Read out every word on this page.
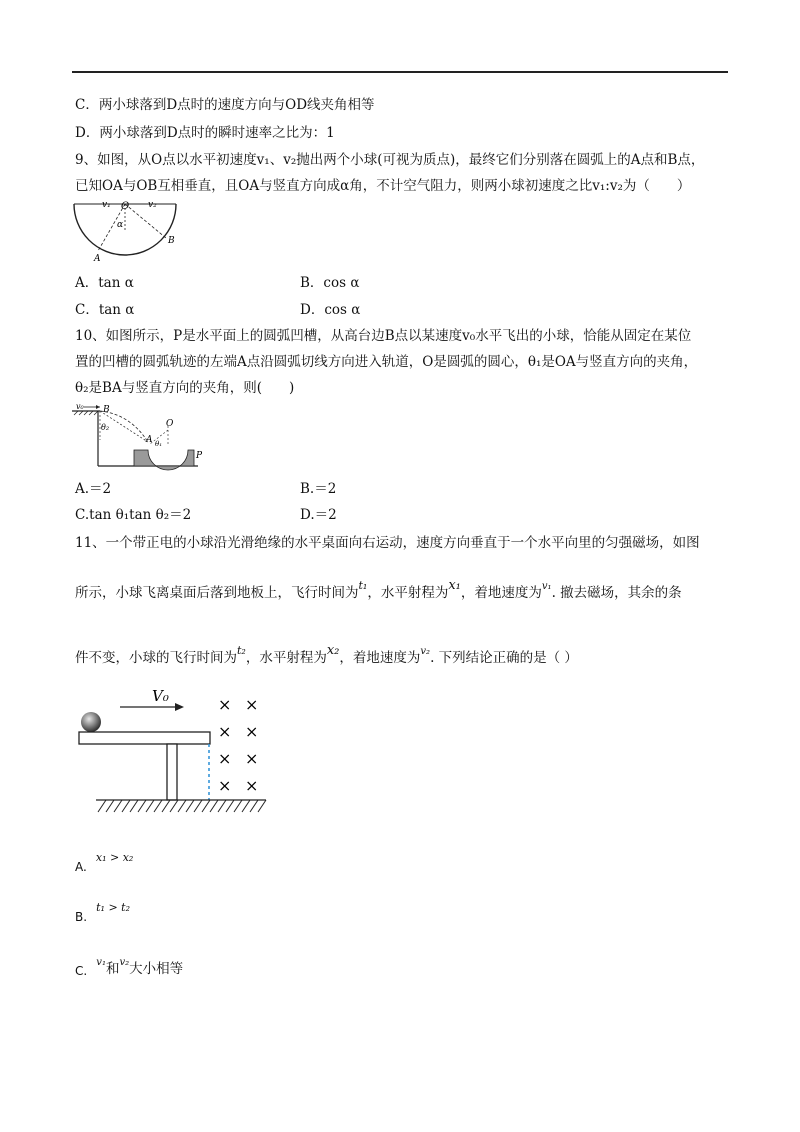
C．两小球落到D点时的速度方向与OD线夹角相等
D．两小球落到D点时的瞬时速率之比为：1
9、如图，从O点以水平初速度v₁、v₂抛出两个小球(可视为质点)，最终它们分别落在圆弧上的A点和B点，
已知OA与OB互相垂直，且OA与竖直方向成α角，不计空气阻力，则两小球初速度之比v₁:v₂为（　　）
v₁ O v₂
α
B
A
A．tan α	B．cos α
C．tan α	D．cos α
10、如图所示，P是水平面上的圆弧凹槽，从高台边B点以某速度v₀水平飞出的小球，恰能从固定在某位
置的凹槽的圆弧轨迹的左端A点沿圆弧切线方向进入轨道，O是圆弧的圆心，θ₁是OA与竖直方向的夹角，
θ₂是BA与竖直方向的夹角，则(　　)
v₀ B
θ₂	O
A θ₁
P
A.＝2	B.＝2
C.tan θ₁tan θ₂＝2	D.＝2
11、一个带正电的小球沿光滑绝缘的水平桌面向右运动，速度方向垂直于一个水平向里的匀强磁场，如图
所示，小球飞离桌面后落到地板上，飞行时间为$^{t_1}$，水平射程为x₁，着地速度为$^{v_1}$. 撤去磁场，其余的条
件不变，小球的飞行时间为$^{t_2}$，水平射程为x₂，着地速度为$^{v_2}$. 下列结论正确的是（ ）
V₀	× ×
× ×
× ×
× ×
$_{A.}$ x₁ > x₂
$_{B.}$ t₁ > t₂
$_{C.}$ $v_1_和v_2_{大小相等}$
